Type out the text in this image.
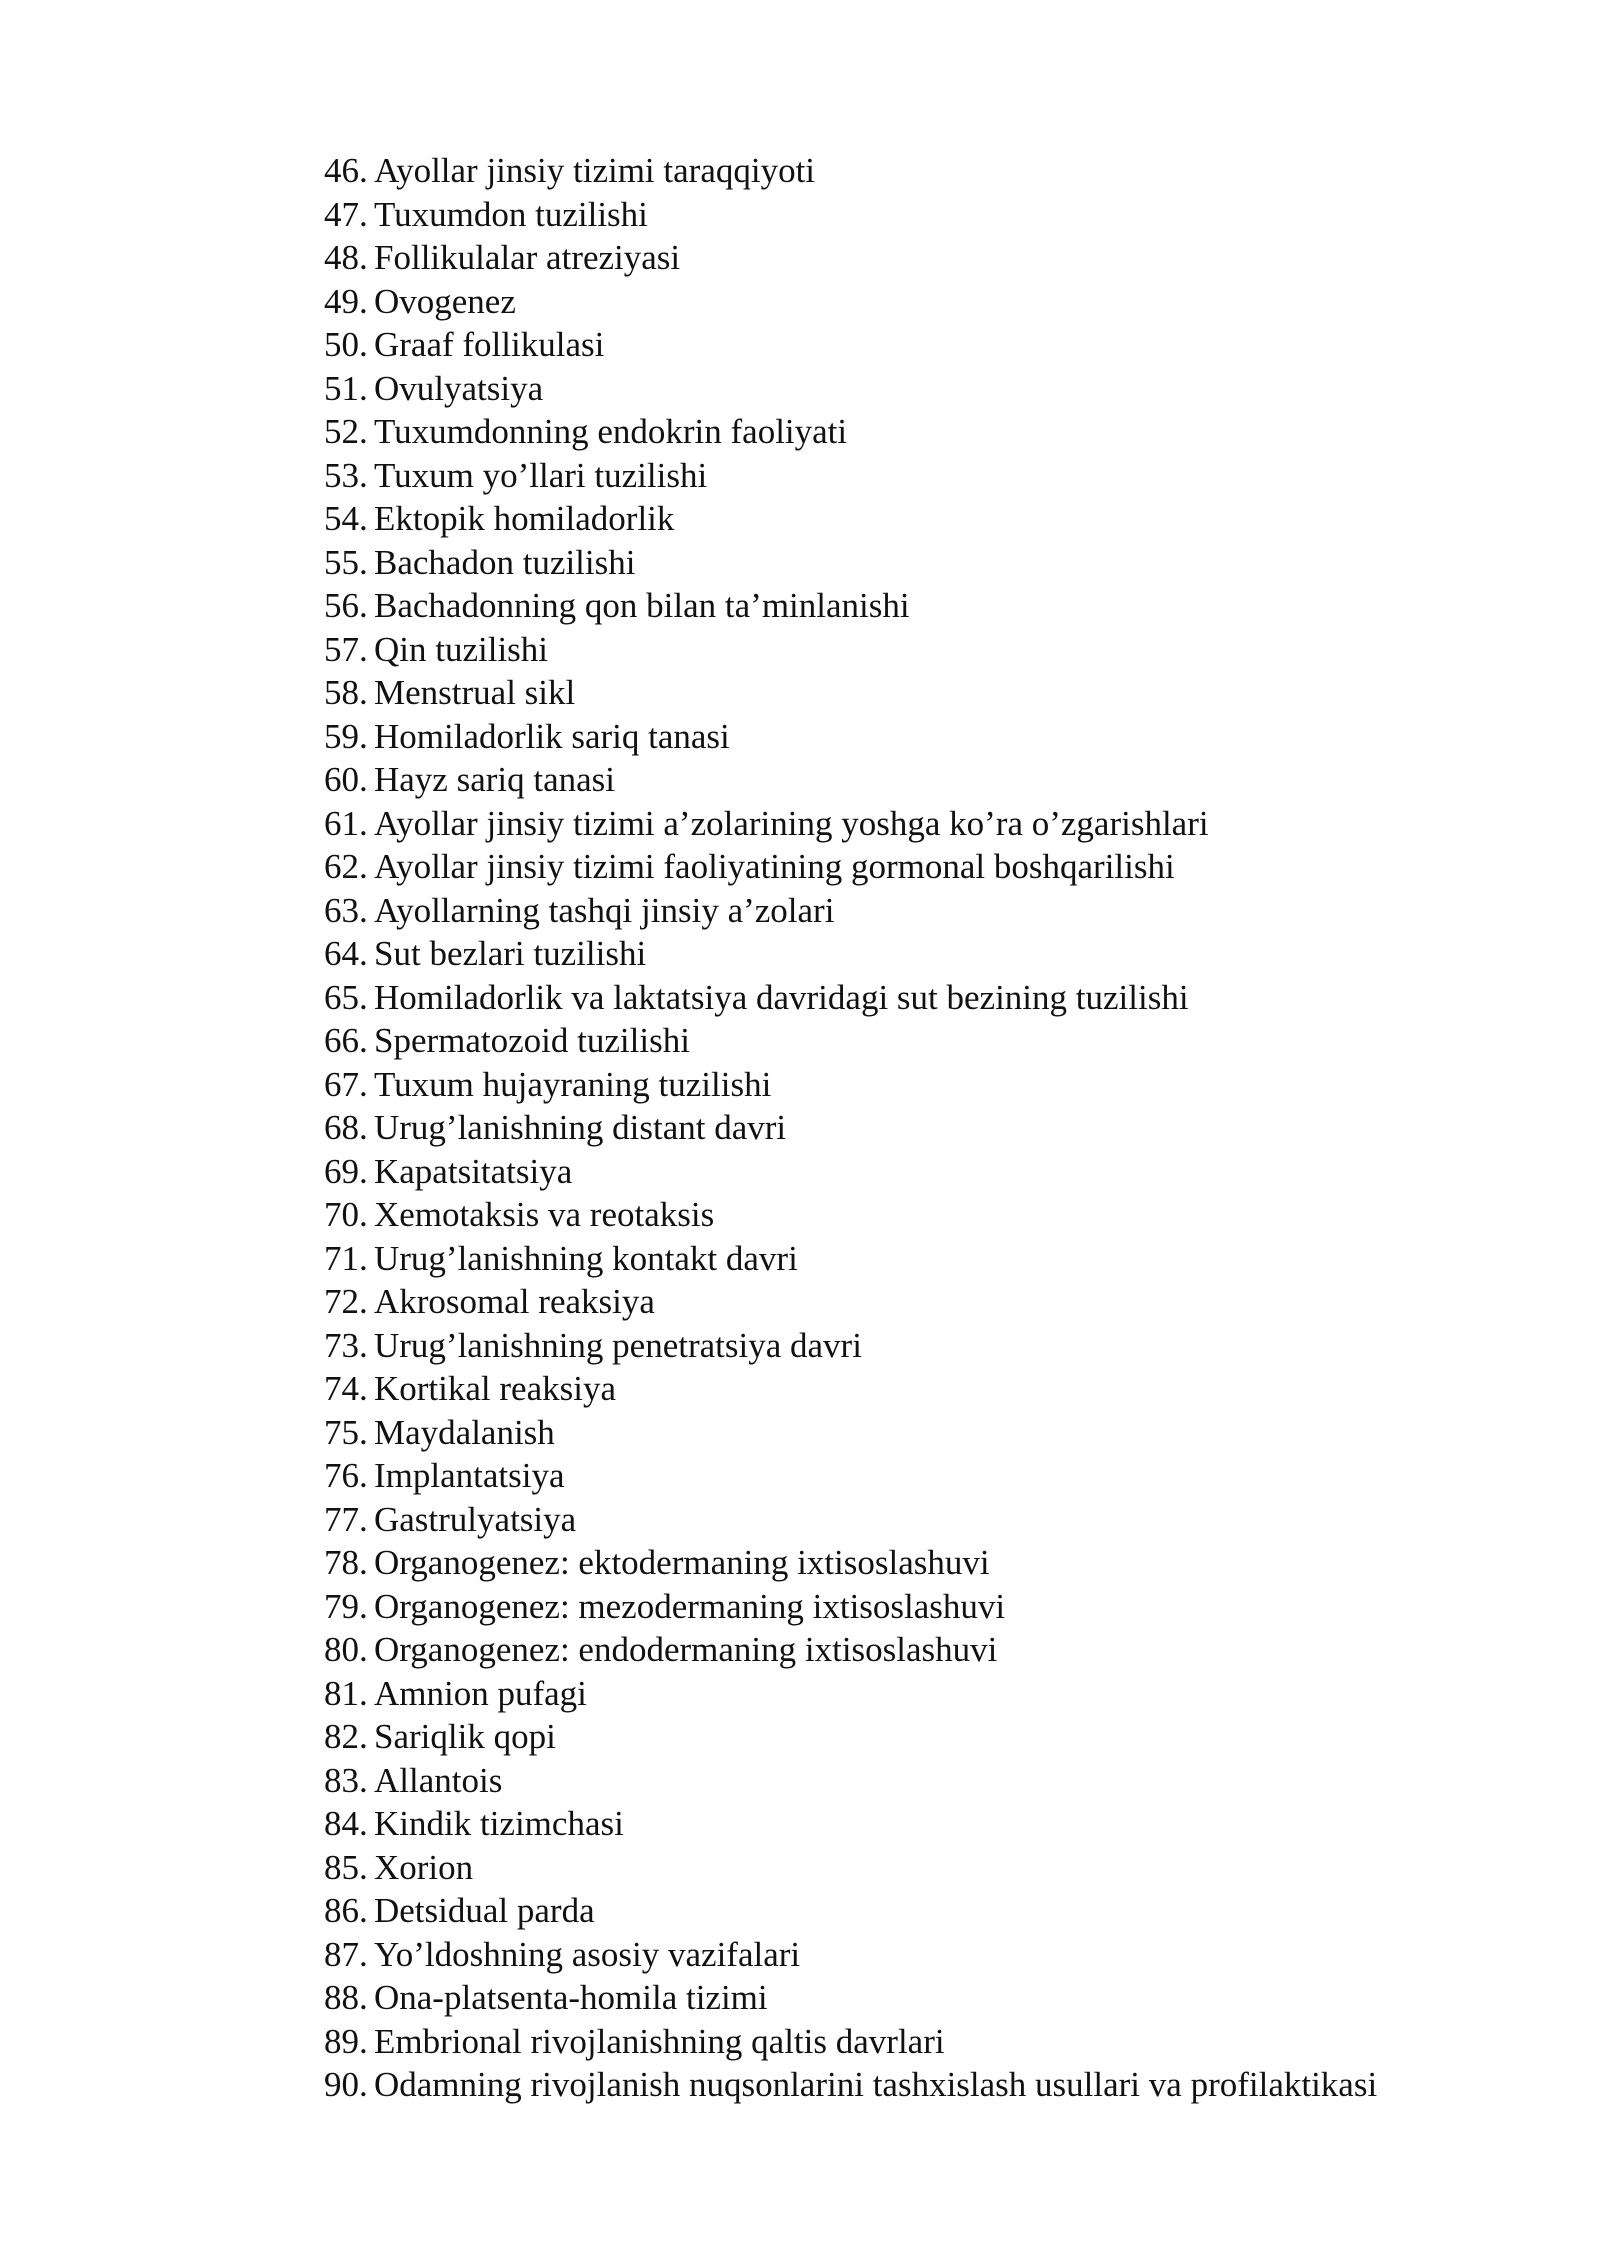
46. Ayollar jinsiy tizimi taraqqiyoti
47. Tuxumdon tuzilishi
48. Follikulalar atreziyasi
49. Ovogenez
50. Graaf follikulasi
51. Ovulyatsiya
52. Tuxumdonning endokrin faoliyati
53. Tuxum yo’llari tuzilishi
54. Ektopik homiladorlik
55. Bachadon tuzilishi
56. Bachadonning qon bilan ta’minlanishi
57. Qin tuzilishi
58. Menstrual sikl
59. Homiladorlik sariq tanasi
60. Hayz sariq tanasi
61. Ayollar jinsiy tizimi a’zolarining yoshga ko’ra o’zgarishlari
62. Ayollar jinsiy tizimi faoliyatining gormonal boshqarilishi
63. Ayollarning tashqi jinsiy a’zolari
64. Sut bezlari tuzilishi
65. Homiladorlik va laktatsiya davridagi sut bezining tuzilishi
66. Spermatozoid tuzilishi
67. Tuxum hujayraning tuzilishi
68. Urug’lanishning distant davri
69. Kapatsitatsiya
70. Xemotaksis va reotaksis
71. Urug’lanishning kontakt davri
72. Akrosomal reaksiya
73. Urug’lanishning penetratsiya davri
74. Kortikal reaksiya
75. Maydalanish
76. Implantatsiya
77. Gastrulyatsiya
78. Organogenez: ektodermaning ixtisoslashuvi
79. Organogenez: mezodermaning ixtisoslashuvi
80. Organogenez: endodermaning ixtisoslashuvi
81. Amnion pufagi
82. Sariqlik qopi
83. Allantois
84. Kindik tizimchasi
85. Xorion
86. Detsidual parda
87. Yo’ldoshning asosiy vazifalari
88. Ona-platsenta-homila tizimi
89. Embrional rivojlanishning qaltis davrlari
90. Odamning rivojlanish nuqsonlarini tashxislash usullari va profilaktikasi
